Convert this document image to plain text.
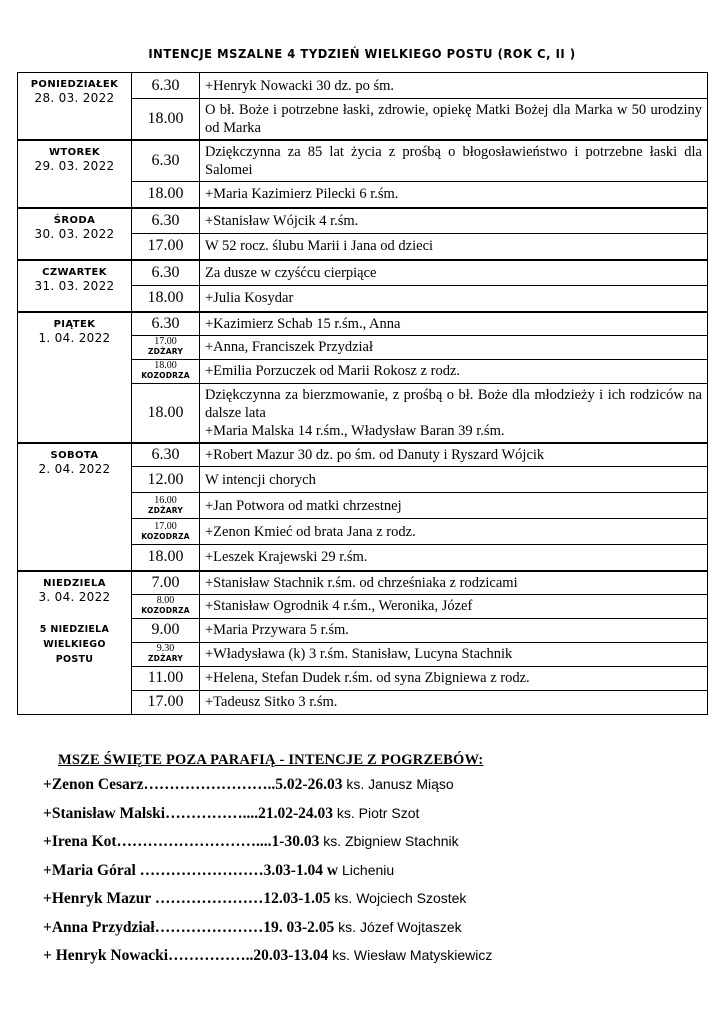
INTENCJE MSZALNE 4 TYDZIEŃ WIELKIEGO POSTU (ROK C, II )
PONIEDZIAŁEK
28. 03. 2022	6.30	+Henryk Nowacki 30 dz. po śm.

	18.00	O bł. Boże i potrzebne łaski, zdrowie, opiekę Matki Bożej dla Marka w 50 urodziny od Marka

WTOREK
29. 03. 2022	6.30	Dziękczynna za 85 lat życia z prośbą o błogosławieństwo i potrzebne łaski dla Salomei

	18.00	+Maria Kazimierz Pilecki 6 r.śm.

ŚRODA
30. 03. 2022	6.30	+Stanisław Wójcik 4 r.śm.

	17.00	W 52 rocz. ślubu Marii i Jana od dzieci

CZWARTEK
31. 03. 2022	6.30	Za dusze w czyśćcu cierpiące

	18.00	+Julia Kosydar

PIĄTEK
1. 04. 2022	6.30	+Kazimierz Schab 15 r.śm., Anna

	17.00
ZDŻARY	+Anna, Franciszek Przydział

	18.00
KOZODRZA	+Emilia Porzuczek od Marii Rokosz z rodz.

	18.00	Dziękczynna za bierzmowanie, z prośbą o bł. Boże dla młodzieży i ich rodziców na dalsze lata
+Maria Malska 14 r.śm., Władysław Baran 39 r.śm.

SOBOTA
2. 04. 2022	6.30	+Robert Mazur 30 dz. po śm. od Danuty i Ryszard Wójcik

	12.00	W intencji chorych

	16.00
ZDŻARY	+Jan Potwora od matki chrzestnej

	17.00
KOZODRZA	+Zenon Kmieć od brata Jana z rodz.

	18.00	+Leszek Krajewski 29 r.śm.

NIEDZIELA
3. 04. 2022
5 NIEDZIELA
WIELKIEGO
POSTU	7.00	+Stanisław Stachnik r.śm. od chrześniaka z rodzicami

	8.00
KOZODRZA	+Stanisław Ogrodnik 4 r.śm., Weronika, Józef

	9.00	+Maria Przywara 5 r.śm.

	9.30
ZDŻARY	+Władysława (k) 3 r.śm. Stanisław, Lucyna Stachnik

	11.00	+Helena, Stefan Dudek r.śm. od syna Zbigniewa z rodz.

	17.00	+Tadeusz Sitko 3 r.śm.
MSZE ŚWIĘTE POZA PARAFIĄ - INTENCJE Z POGRZEBÓW:
+Zenon Cesarz……………………..5.02-26.03 ks. Janusz Miąso
+Stanisław Malski……………....21.02-24.03 ks. Piotr Szot
+Irena Kot………………………....1-30.03 ks. Zbigniew Stachnik
+Maria Góral ……………………3.03-1.04 w Licheniu
+Henryk Mazur …………………12.03-1.05 ks. Wojciech Szostek
+Anna Przydział…………………19. 03-2.05 ks. Józef Wojtaszek
+ Henryk Nowacki……………..20.03-13.04 ks. Wiesław Matyskiewicz
